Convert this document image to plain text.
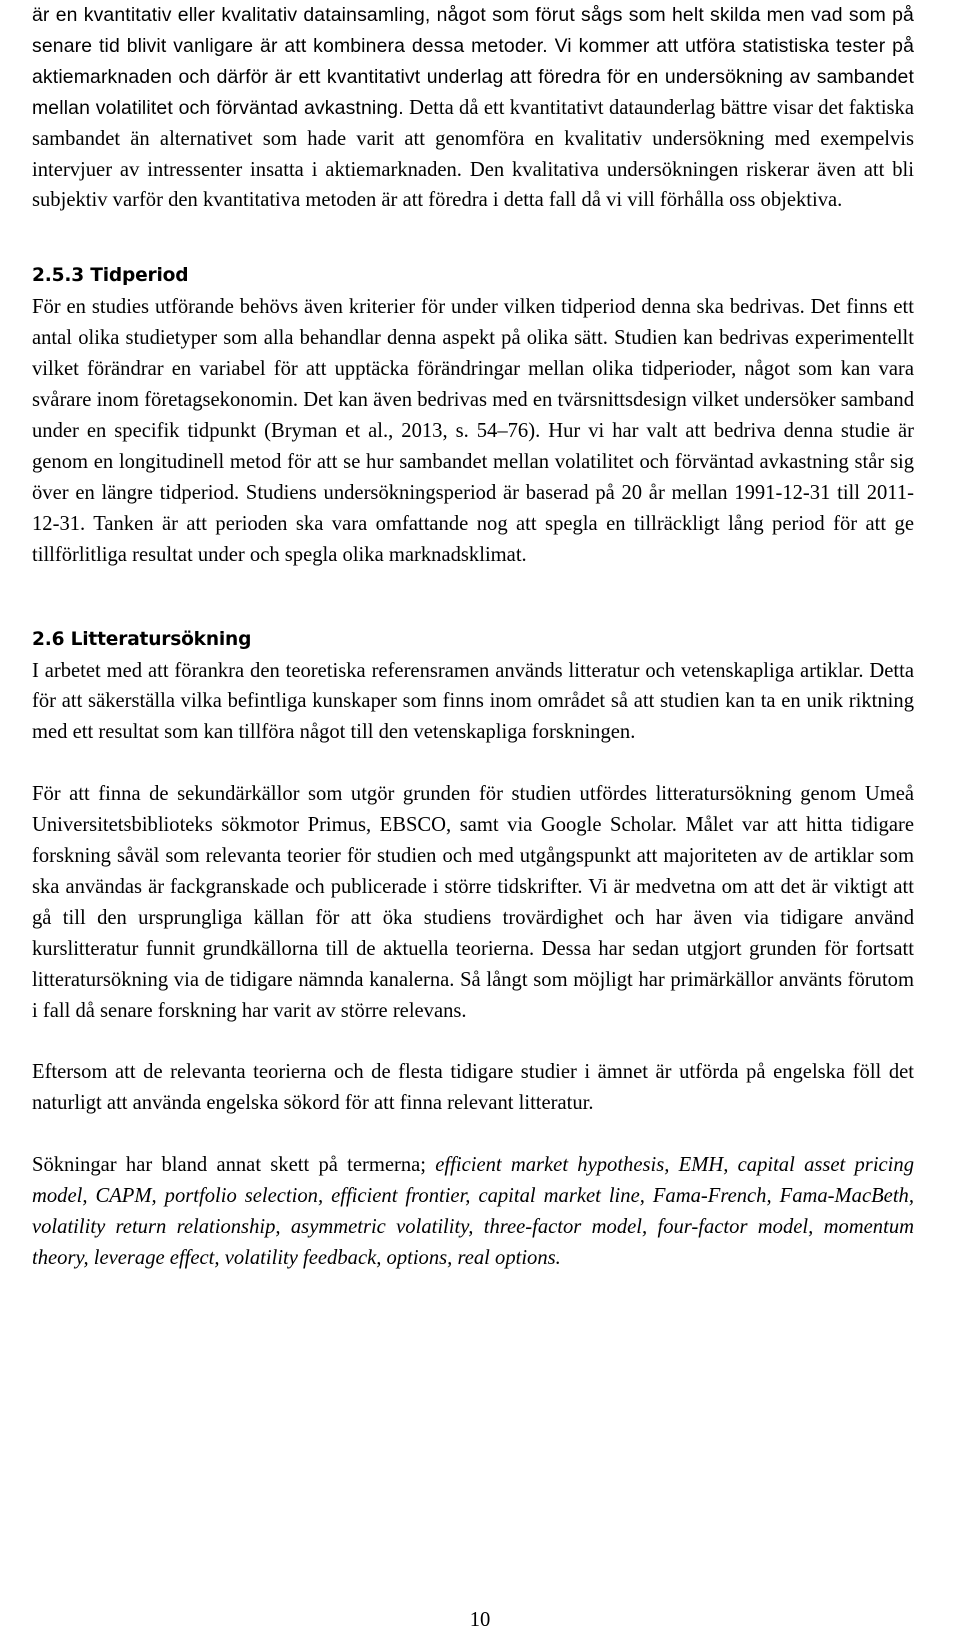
är en kvantitativ eller kvalitativ datainsamling, något som förut sågs som helt skilda men vad som på senare tid blivit vanligare är att kombinera dessa metoder. Vi kommer att utföra statistiska tester på aktiemarknaden och därför är ett kvantitativt underlag att föredra för en undersökning av sambandet mellan volatilitet och förväntad avkastning. Detta då ett kvantitativt dataunderlag bättre visar det faktiska sambandet än alternativet som hade varit att genomföra en kvalitativ undersökning med exempelvis intervjuer av intressenter insatta i aktiemarknaden. Den kvalitativa undersökningen riskerar även att bli subjektiv varför den kvantitativa metoden är att föredra i detta fall då vi vill förhålla oss objektiva.

2.5.3 Tidperiod

För en studies utförande behövs även kriterier för under vilken tidperiod denna ska bedrivas. Det finns ett antal olika studietyper som alla behandlar denna aspekt på olika sätt. Studien kan bedrivas experimentellt vilket förändrar en variabel för att upptäcka förändringar mellan olika tidperioder, något som kan vara svårare inom företagsekonomin. Det kan även bedrivas med en tvärsnittsdesign vilket undersöker samband under en specifik tidpunkt (Bryman et al., 2013, s. 54–76). Hur vi har valt att bedriva denna studie är genom en longitudinell metod för att se hur sambandet mellan volatilitet och förväntad avkastning står sig över en längre tidperiod. Studiens undersökningsperiod är baserad på 20 år mellan 1991-12-31 till 2011-12-31. Tanken är att perioden ska vara omfattande nog att spegla en tillräckligt lång period för att ge tillförlitliga resultat under och spegla olika marknadsklimat.

2.6 Litteratursökning

I arbetet med att förankra den teoretiska referensramen används litteratur och vetenskapliga artiklar. Detta för att säkerställa vilka befintliga kunskaper som finns inom området så att studien kan ta en unik riktning med ett resultat som kan tillföra något till den vetenskapliga forskningen.

För att finna de sekundärkällor som utgör grunden för studien utfördes litteratursökning genom Umeå Universitetsbiblioteks sökmotor Primus, EBSCO, samt via Google Scholar. Målet var att hitta tidigare forskning såväl som relevanta teorier för studien och med utgångspunkt att majoriteten av de artiklar som ska användas är fackgranskade och publicerade i större tidskrifter. Vi är medvetna om att det är viktigt att gå till den ursprungliga källan för att öka studiens trovärdighet och har även via tidigare använd kurslitteratur funnit grundkällorna till de aktuella teorierna. Dessa har sedan utgjort grunden för fortsatt litteratursökning via de tidigare nämnda kanalerna. Så långt som möjligt har primärkällor använts förutom i fall då senare forskning har varit av större relevans.

Eftersom att de relevanta teorierna och de flesta tidigare studier i ämnet är utförda på engelska föll det naturligt att använda engelska sökord för att finna relevant litteratur.

Sökningar har bland annat skett på termerna; efficient market hypothesis, EMH, capital asset pricing model, CAPM, portfolio selection, efficient frontier, capital market line, Fama-French, Fama-MacBeth, volatility return relationship, asymmetric volatility, three-factor model, four-factor model, momentum theory, leverage effect, volatility feedback, options, real options.

10
